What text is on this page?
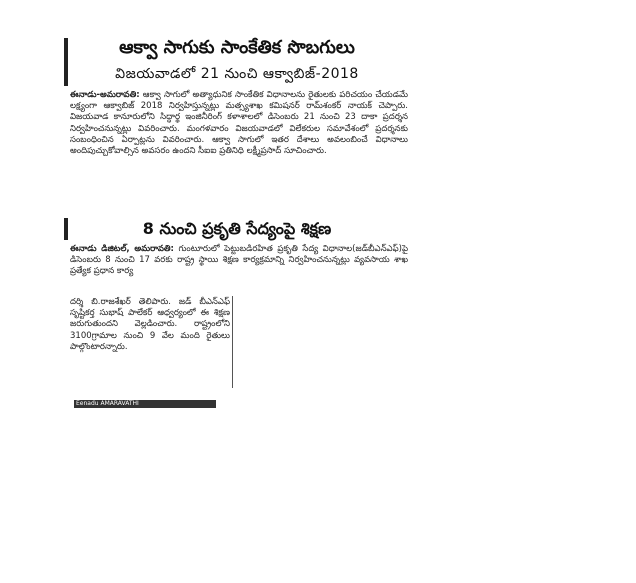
ఆక్వా సాగుకు సాంకేతిక సొబగులు
విజయవాడలో 21 నుంచి ఆక్వాబిజ్-2018
ఈనాడు-అమరావతి: ఆక్వా సాగులో అత్యాధునిక సాంకేతిక విధానాలను రైతులకు పరిచయం చేయడమే లక్ష్యంగా ఆక్వాబిజ్ 2018 నిర్వహిస్తున్నట్లు మత్స్యశాఖ కమిషనర్ రామ్‌శంకర్ నాయక్ చెప్పారు. విజయవాడ కానూరులోని సిద్ధార్థ ఇంజినీరింగ్ కళాశాలలో డిసెంబరు 21 నుంచి 23 దాకా ప్రదర్శన నిర్వహించనున్నట్లు వివరించారు. మంగళవారం విజయవాడలో విలేకరుల సమావేశంలో ప్రదర్శనకు సంబంధించిన ఏర్పాట్లను వివరించారు. ఆక్వా సాగులో ఇతర దేశాలు అవలంబించే విధానాలు అందిపుచ్చుకోవాల్సిన అవసరం ఉందని సీఐఐ ప్రతినిధి లక్ష్మీప్రసాద్ సూచించారు.
8 నుంచి ప్రకృతి సేద్యంపై శిక్షణ
ఈనాడు డిజిటల్, అమరావతి: గుంటూరులో పెట్టుబడిరహిత ప్రకృతి సేద్య విధానాల(జడ్‌బీఎన్ఎఫ్)పై డిసెంబరు 8 నుంచి 17 వరకు రాష్ట్ర స్థాయి శిక్షణ కార్యక్రమాన్ని నిర్వహించనున్నట్లు వ్యవసాయ శాఖ ప్రత్యేక ప్రధాన కార్య
దర్శి బి.రాజశేఖర్ తెలిపారు. జడ్ బీఎన్ఎఫ్ సృష్టికర్త సుభాష్ పాలేకర్ ఆధ్వర్యంలో ఈ శిక్షణ జరుగుతుందని వెల్లడించారు. రాష్ట్రంలోని 3100గ్రామాల నుంచి 9 వేల మంది రైతులు పాల్గొంటారన్నారు.
Eenadu AMARAVATHI
